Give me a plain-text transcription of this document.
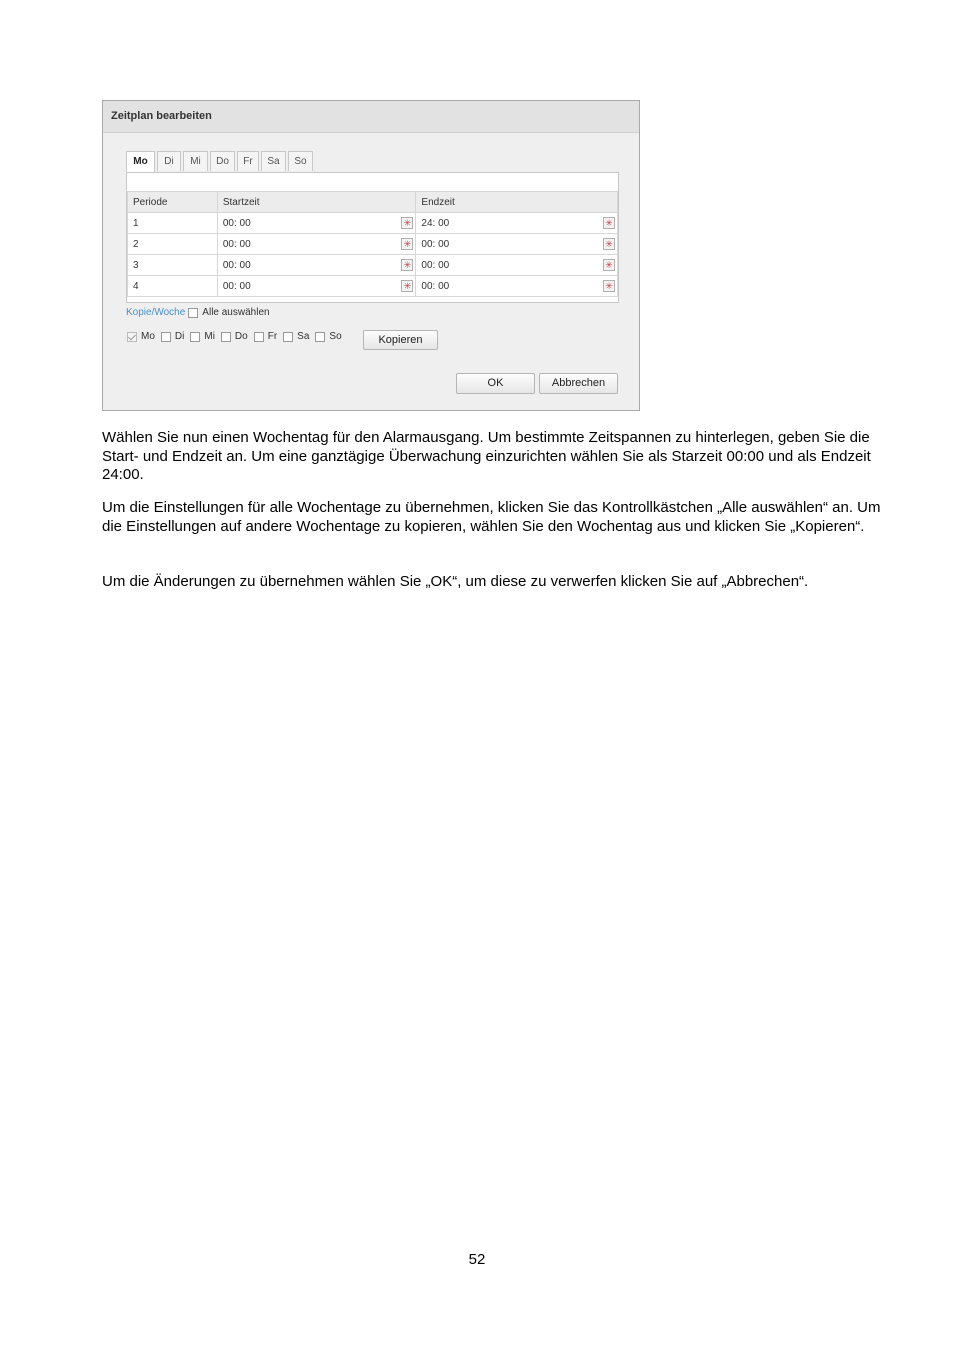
Zeitplan bearbeiten
Mo	Di	Mi	Do	Fr	Sa	So
Periode	Startzeit	Endzeit
1	00: 00 ✳	24: 00 ✳

2	00: 00 ✳	00: 00 ✳

3	00: 00 ✳	00: 00 ✳

4	00: 00 ✳	00: 00 ✳
Kopie/Woche Alle auswählen
Mo Di Mi Do Fr Sa So	Kopieren
OK	Abbrechen

Wählen Sie nun einen Wochentag für den Alarmausgang. Um bestimmte Zeitspannen zu hinterlegen, geben Sie die Start- und Endzeit an. Um eine ganztägige Überwachung einzurichten wählen Sie als Starzeit 00:00 und als Endzeit 24:00.

Um die Einstellungen für alle Wochentage zu übernehmen, klicken Sie das Kontrollkästchen „Alle auswählen“ an. Um die Einstellungen auf andere Wochentage zu kopieren, wählen Sie den Wochentag aus und klicken Sie „Kopieren“.

Um die Änderungen zu übernehmen wählen Sie „OK“, um diese zu verwerfen klicken Sie auf „Abbrechen“.

52
